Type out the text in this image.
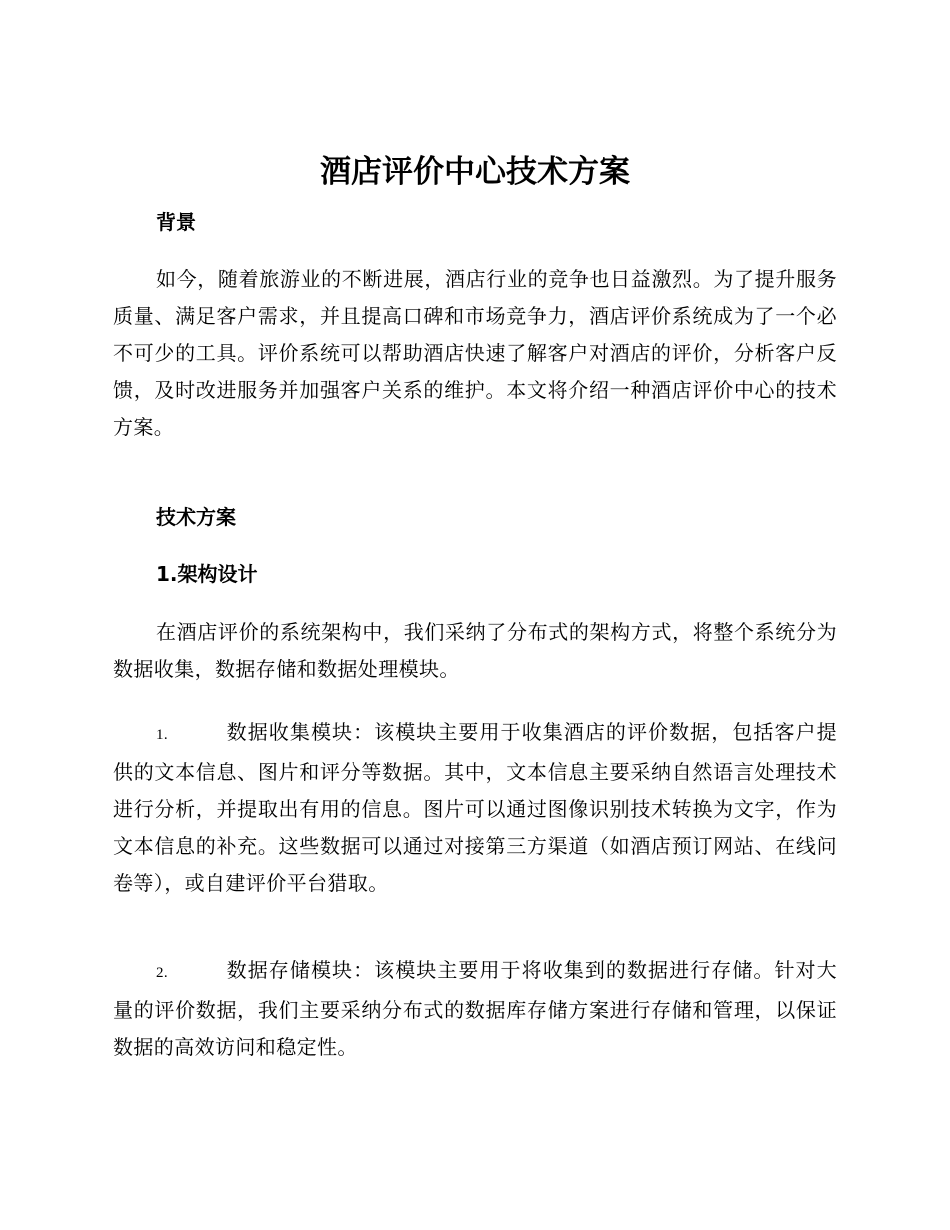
酒店评价中心技术方案
背景

如今，随着旅游业的不断进展，酒店行业的竞争也日益激烈。为了提升服务质量、满足客户需求，并且提高口碑和市场竞争力，酒店评价系统成为了一个必不可少的工具。评价系统可以帮助酒店快速了解客户对酒店的评价，分析客户反馈，及时改进服务并加强客户关系的维护。本文将介绍一种酒店评价中心的技术方案。

技术方案
1.架构设计

在酒店评价的系统架构中，我们采纳了分布式的架构方式，将整个系统分为数据收集，数据存储和数据处理模块。

1.	数据收集模块：该模块主要用于收集酒店的评价数据，包括客户提供的文本信息、图片和评分等数据。其中，文本信息主要采纳自然语言处理技术进行分析，并提取出有用的信息。图片可以通过图像识别技术转换为文字，作为文本信息的补充。这些数据可以通过对接第三方渠道（如酒店预订网站、在线问卷等），或自建评价平台猎取。

2.	数据存储模块：该模块主要用于将收集到的数据进行存储。针对大量的评价数据，我们主要采纳分布式的数据库存储方案进行存储和管理，以保证数据的高效访问和稳定性。
